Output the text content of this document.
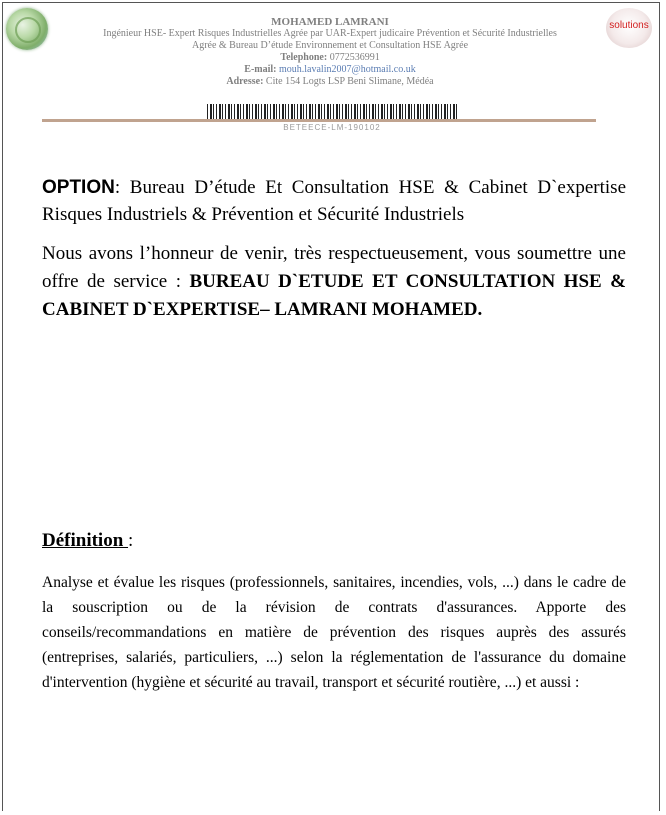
solutions
MOHAMED LAMRANI
Ingénieur HSE- Expert Risques Industrielles Agrée par UAR-Expert judicaire Prévention et Sécurité Industrielles
Agrée & Bureau D’étude Environnement et Consultation HSE Agrée
Telephone: 0772536991
E-mail: mouh.lavalin2007@hotmail.co.uk
Adresse: Cite 154 Logts LSP Beni Slimane, Médéa
BETEECE-LM-190102
OPTION: Bureau D’étude Et Consultation HSE & Cabinet D`expertise Risques Industriels & Prévention et Sécurité Industriels
Nous avons l’honneur de venir, très respectueusement, vous soumettre une offre de service : BUREAU D`ETUDE ET CONSULTATION HSE & CABINET D`EXPERTISE– LAMRANI MOHAMED.
Définition :
Analyse et évalue les risques (professionnels, sanitaires, incendies, vols, ...) dans le cadre de la souscription ou de la révision de contrats d'assurances. Apporte des conseils/recommandations en matière de prévention des risques auprès des assurés (entreprises, salariés, particuliers, ...) selon la réglementation de l'assurance du domaine d'intervention (hygiène et sécurité au travail, transport et sécurité routière, ...) et aussi :
